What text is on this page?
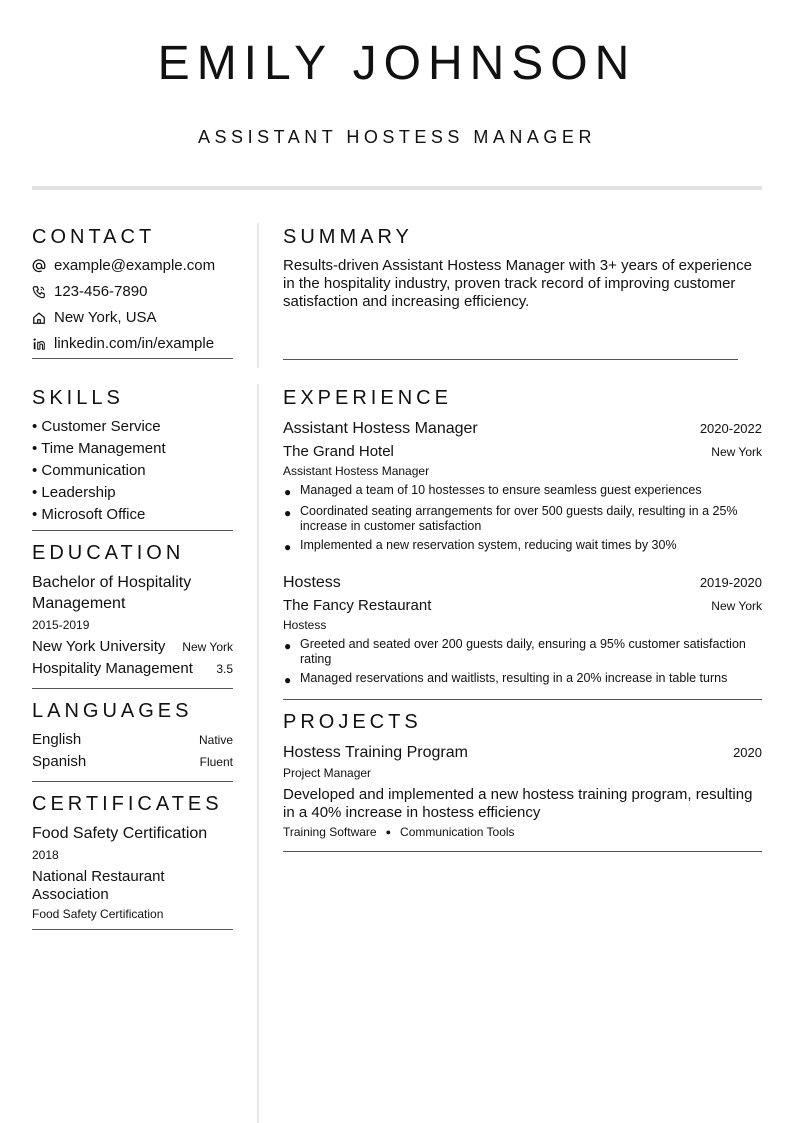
EMILY JOHNSON
ASSISTANT HOSTESS MANAGER
CONTACT
example@example.com
123-456-7890
New York, USA
linkedin.com/in/example
SKILLS
• Customer Service
• Time Management
• Communication
• Leadership
• Microsoft Office
EDUCATION
Bachelor of Hospitality Management
2015-2019
New York University New York
Hospitality Management 3.5
LANGUAGES
English	Native
Spanish	Fluent
CERTIFICATES
Food Safety Certification
2018
National Restaurant Association
Food Safety Certification
SUMMARY
Results-driven Assistant Hostess Manager with 3+ years of experience in the hospitality industry, proven track record of improving customer satisfaction and increasing efficiency.
EXPERIENCE
Assistant Hostess Manager	2020-2022
The Grand Hotel	New York
Assistant Hostess Manager
● Managed a team of 10 hostesses to ensure seamless guest experiences
● Coordinated seating arrangements for over 500 guests daily, resulting in a 25% increase in customer satisfaction
● Implemented a new reservation system, reducing wait times by 30%
Hostess	2019-2020
The Fancy Restaurant	New York
Hostess
● Greeted and seated over 200 guests daily, ensuring a 95% customer satisfaction rating
● Managed reservations and waitlists, resulting in a 20% increase in table turns
PROJECTS
Hostess Training Program	2020
Project Manager
Developed and implemented a new hostess training program, resulting in a 40% increase in hostess efficiency
Training Software ● Communication Tools
